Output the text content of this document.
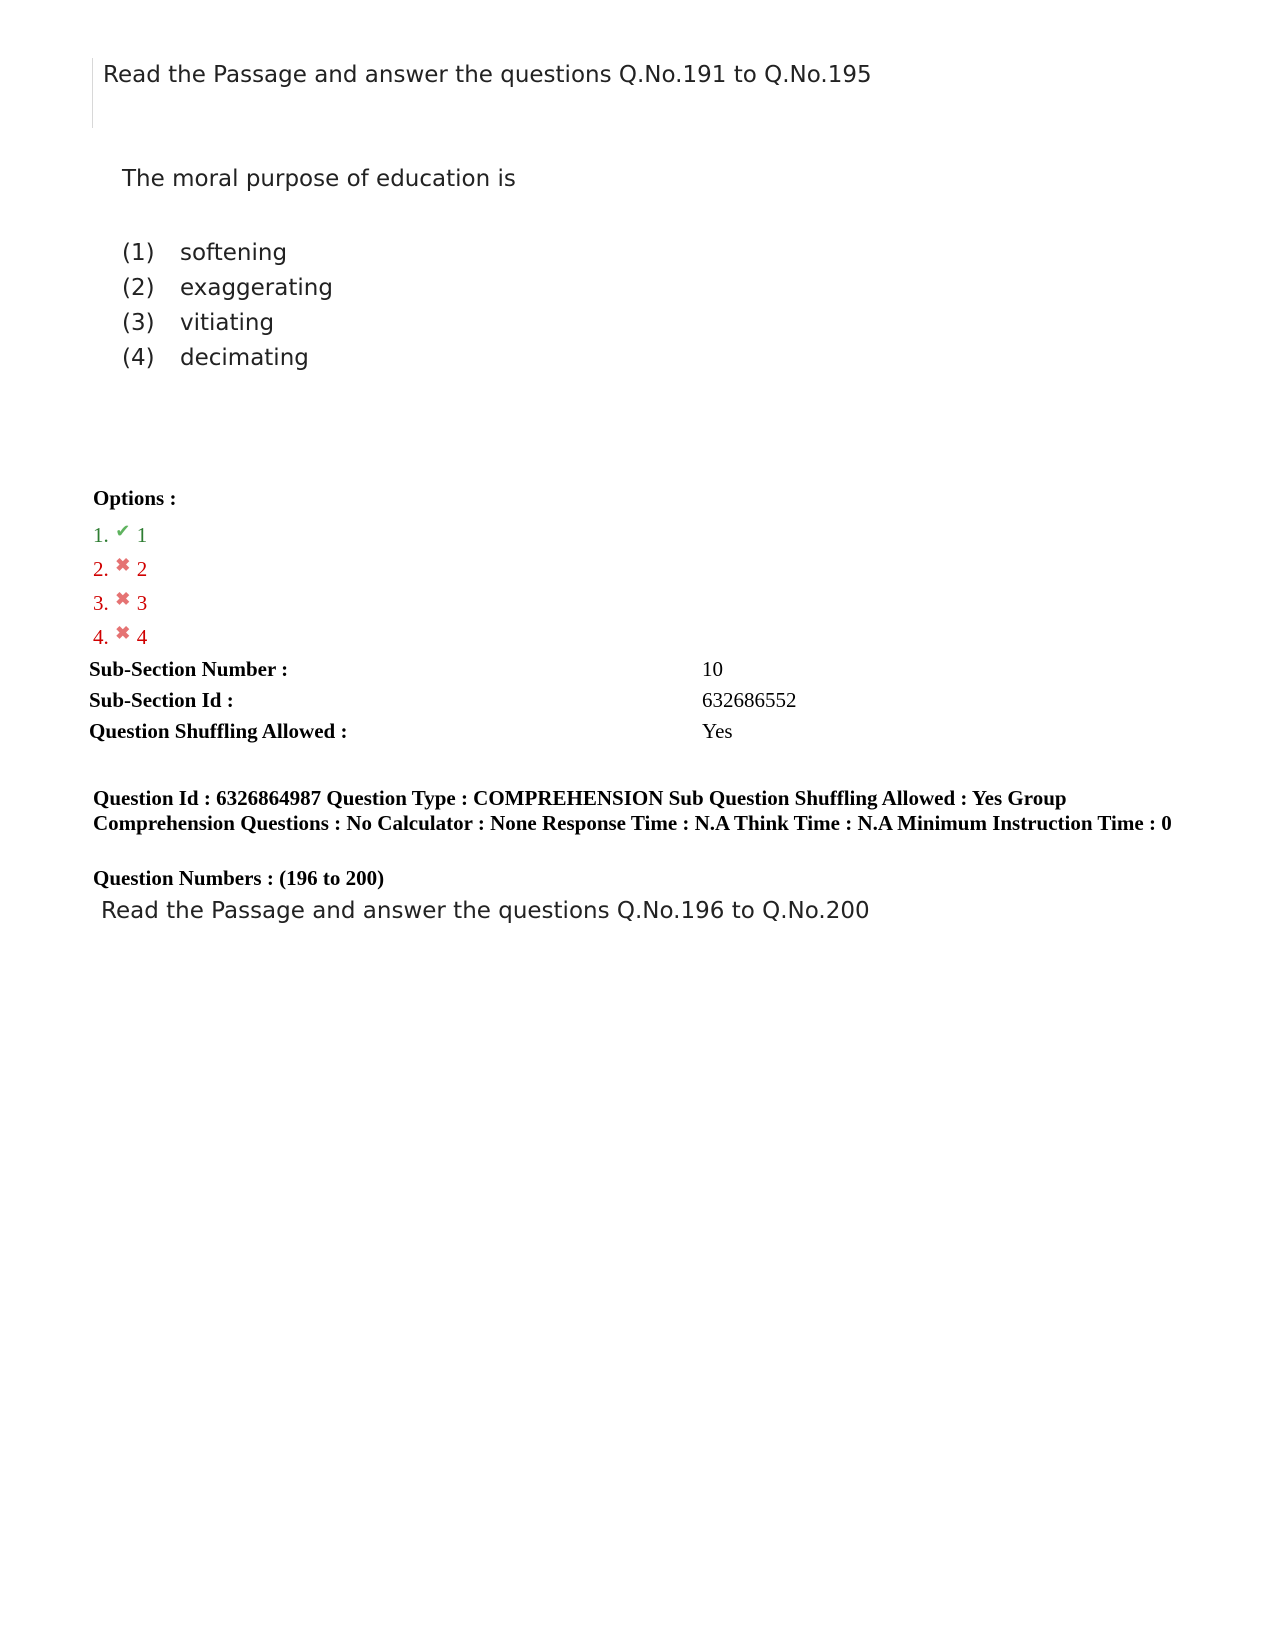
Read the Passage and answer the questions Q.No.191 to Q.No.195
The moral purpose of education is
(1) softening
(2) exaggerating
(3) vitiating
(4) decimating
Options :
1. ✔ 1
2. ✖ 2
3. ✖ 3
4. ✖ 4
Sub-Section Number :	10
Sub-Section Id :	632686552
Question Shuffling Allowed :	Yes
Question Id : 6326864987 Question Type : COMPREHENSION Sub Question Shuffling Allowed : Yes Group Comprehension Questions : No Calculator : None Response Time : N.A Think Time : N.A Minimum Instruction Time : 0
Question Numbers : (196 to 200)
Read the Passage and answer the questions Q.No.196 to Q.No.200
